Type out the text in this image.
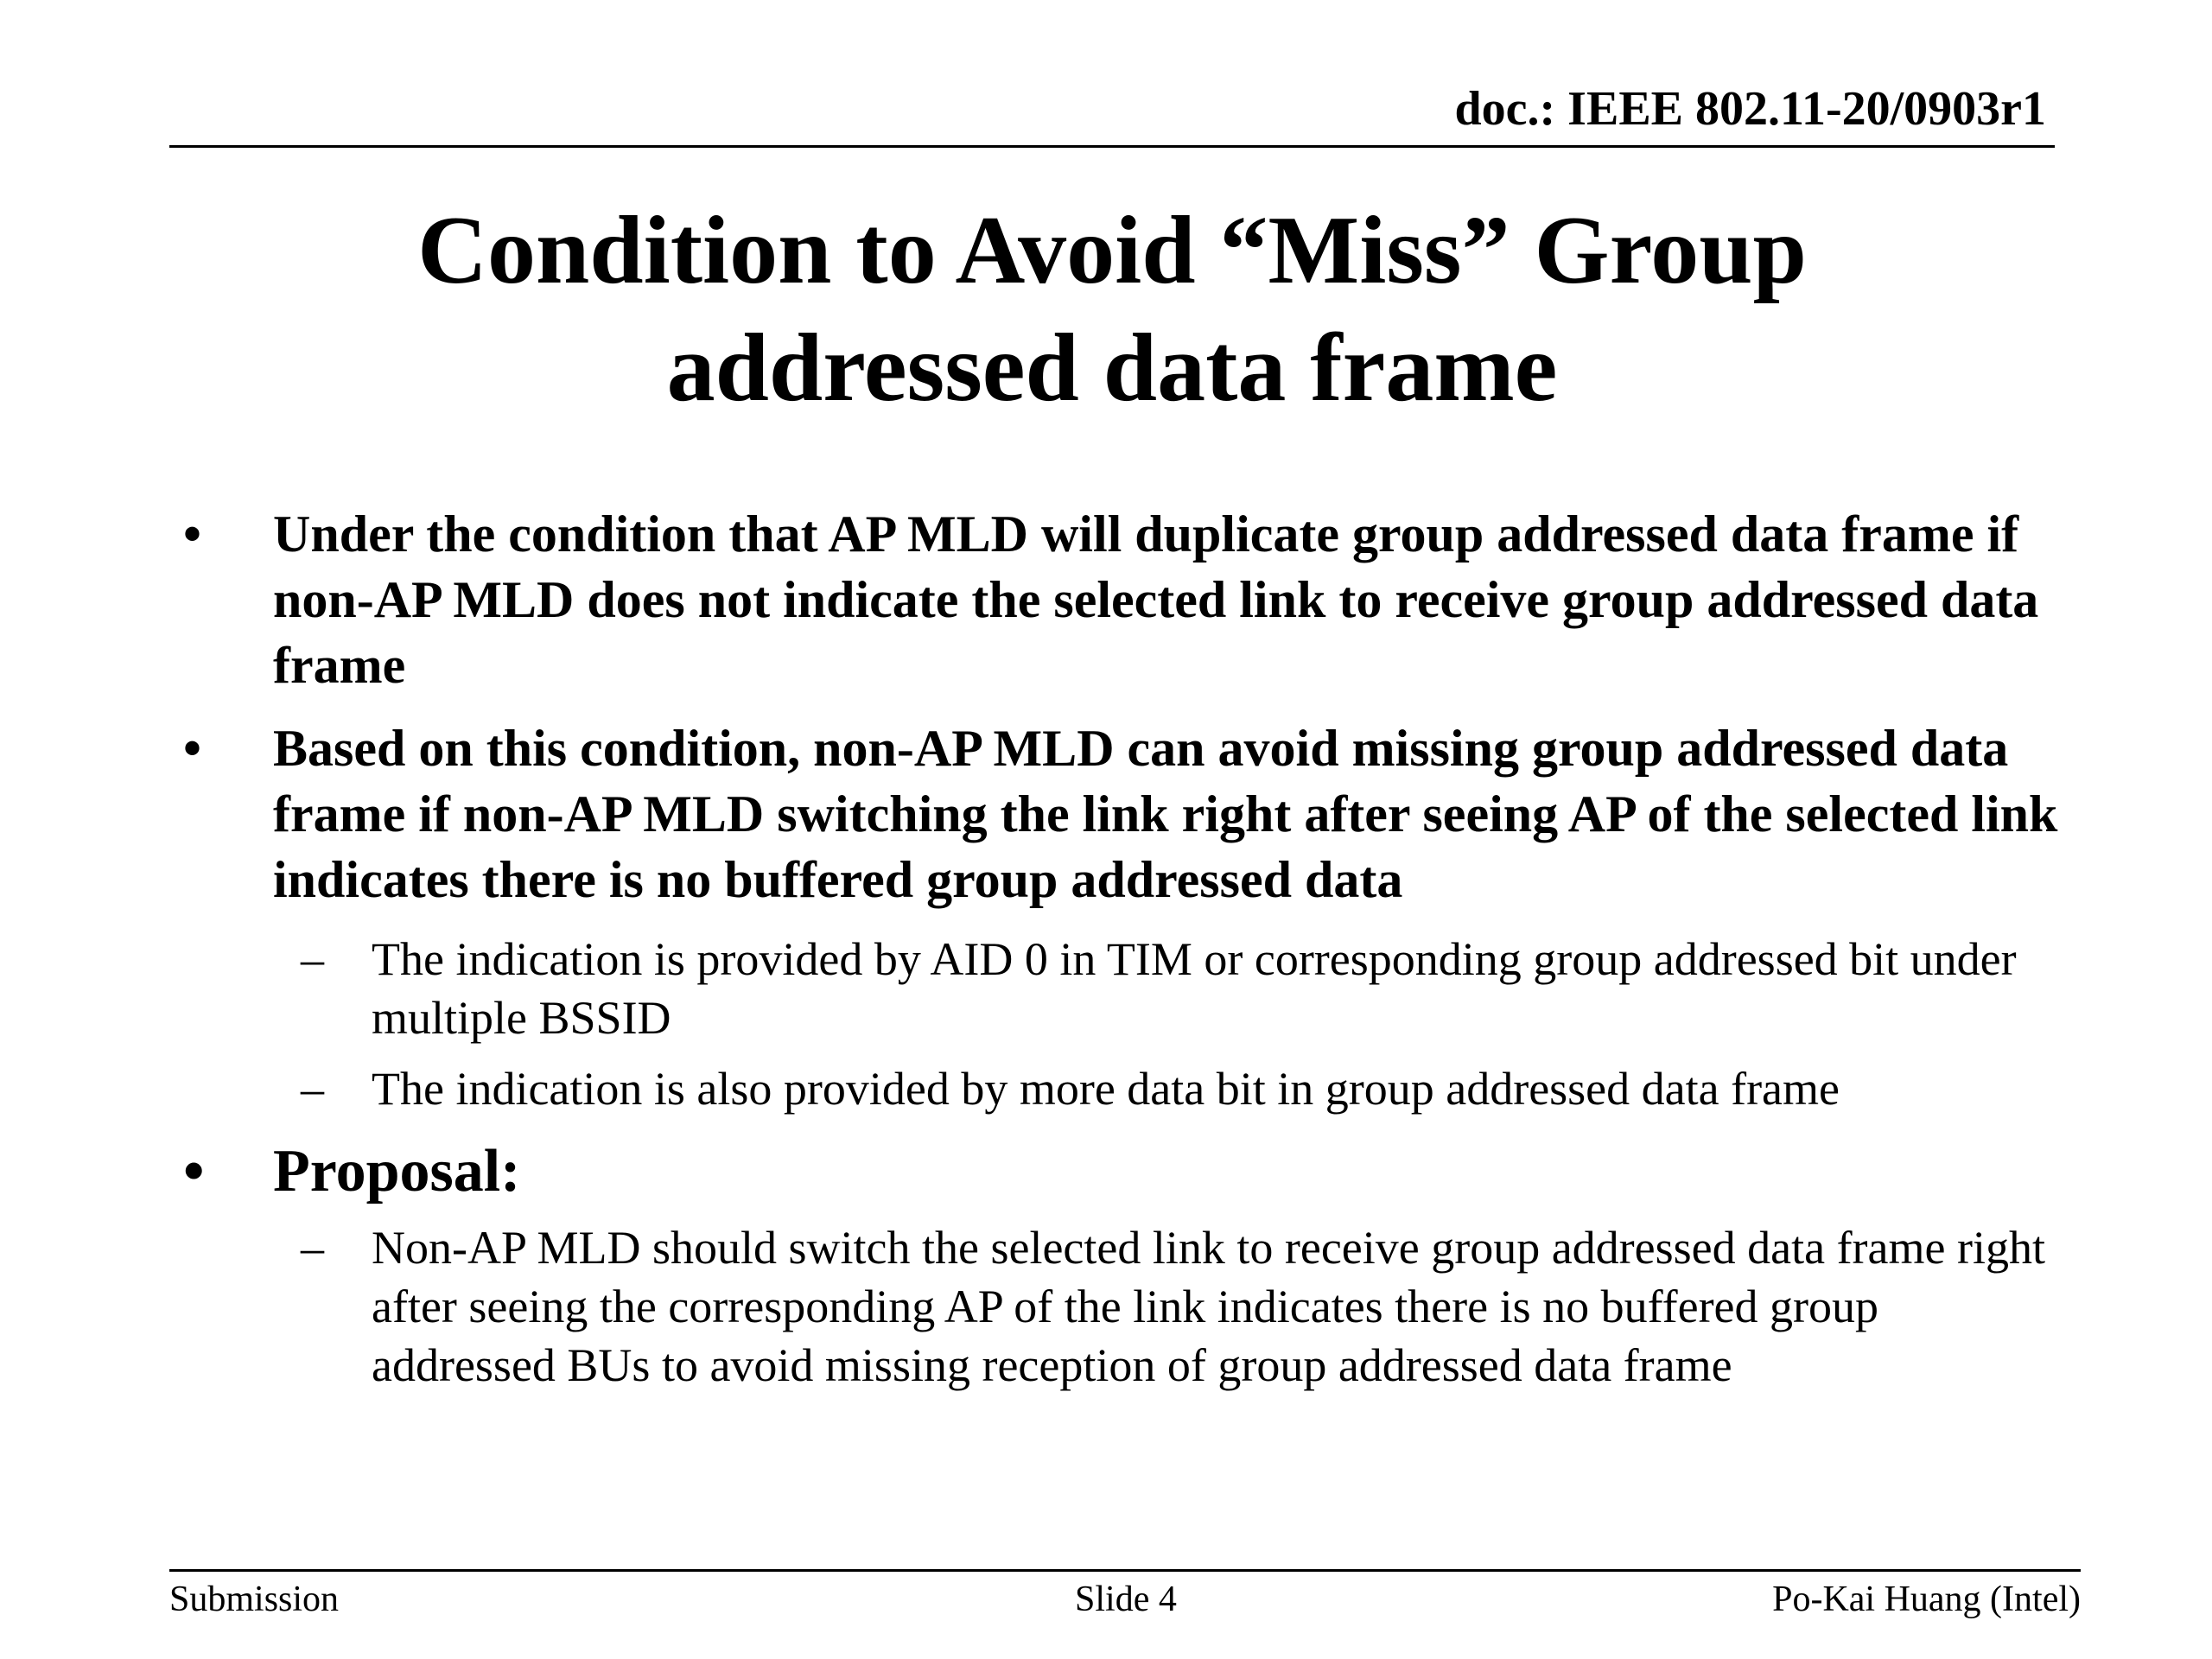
doc.: IEEE 802.11-20/0903r1
Condition to Avoid “Miss” Group
addressed data frame
•	Under the condition that AP MLD will duplicate group addressed data frame if non-AP MLD does not indicate the selected link to receive group addressed data frame
•	Based on this condition, non-AP MLD can avoid missing group addressed data frame if non-AP MLD switching the link right after seeing AP of the selected link indicates there is no buffered group addressed data
– The indication is provided by AID 0 in TIM or corresponding group addressed bit under multiple BSSID
– The indication is also provided by more data bit in group addressed data frame
• Proposal:
– Non-AP MLD should switch the selected link to receive group addressed data frame right after seeing the corresponding AP of the link indicates there is no buffered group addressed BUs to avoid missing reception of group addressed data frame
Submission	Slide 4	Po-Kai Huang (Intel)
